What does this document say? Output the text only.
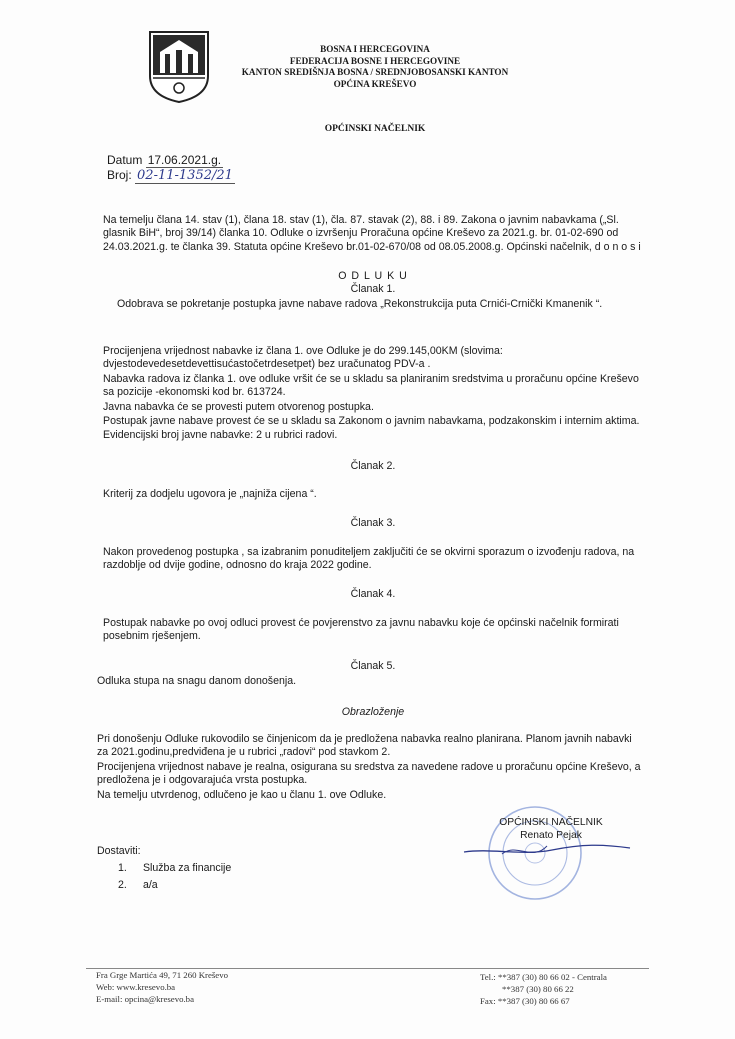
BOSNA I HERCEGOVINA
FEDERACIJA BOSNE I HERCEGOVINE
KANTON SREDIŠNJA BOSNA / SREDNJOBOSANSKI KANTON
OPĆINA KREŠEVO
OPĆINSKI NAČELNIK
Datum 17.06.2021.g.
Broj: 02-11-1352/21
Na temelju članа 14. stav (1), člana 18. stav (1), čla. 87. stavak (2), 88. i 89. Zakona o javnim nabavkama („Sl. glasnik BiH“, broj 39/14) članka 10. Odluke o izvršenju Proračuna općine Kreševo za 2021.g. br. 01-02-690 od 24.03.2021.g. te članka 39. Statuta općine Kreševo br.01-02-670/08 od 08.05.2008.g. Općinski načelnik, d o n o s i
O D L U K U
Članak 1.
Odobrava se pokretanje postupka javne nabave radova „Rekonstrukcija puta Crnići-Crnički Kmanenik “.
Procijenjena vrijednost nabavke iz člana 1. ove Odluke je do 299.145,00KM (slovima: dvjestodevedesetdevettisućastočetrdesetpet) bez uračunatog PDV-a .
Nabavka radova iz članka 1. ove odluke vršit će se u skladu sa planiranim sredstvima u proračunu općine Kreševo sa pozicije -ekonomski kod br. 613724.
Javna nabavka će se provesti putem otvorenog postupka.
Postupak javne nabave provest će se u skladu sa Zakonom o javnim nabavkama, podzakonskim i internim aktima.
Evidencijski broj javne nabavke: 2 u rubrici radovi.
Članak 2.
Kriterij za dodjelu ugovora je „najniža cijena “.
Članak 3.
Nakon provedenog postupka , sa izabranim ponuditeljem zaključiti će se okvirni sporazum o izvođenju radova, na razdoblje od dvije godine, odnosno do kraja 2022 godine.
Članak 4.
Postupak nabavke po ovoj odluci provest će povjerenstvo za javnu nabavku koje će općinski načelnik formirati posebnim rješenjem.
Članak 5.
Odluka stupa na snagu danom donošenja.
Obrazloženje
Pri donošenju Odluke rukovodilo se činjenicom da je predložena nabavka realno planirana. Planom javnih nabavki za 2021.godinu,predviđena je u rubrici „radovi“ pod stavkom 2.
Procijenjena vrijednost nabave je realna, osigurana su sredstva za navedene radove u proračunu općine Kreševo, a predložena je i odgovarajuća vrsta postupka.
Na temelju utvrdenog, odlučeno je kao u članu 1. ove Odluke.
OPĆINSKI NAČELNIK
Renato Pejak
Dostaviti:
1. Služba za financije
2. a/a
Fra Grge Martića 49, 71 260 Kreševo
Web: www.kresevo.ba
E-mail: opcina@kresevo.ba
Tel.: **387 (30) 80 66 02 - Centrala
**387 (30) 80 66 22
Fax: **387 (30) 80 66 67
